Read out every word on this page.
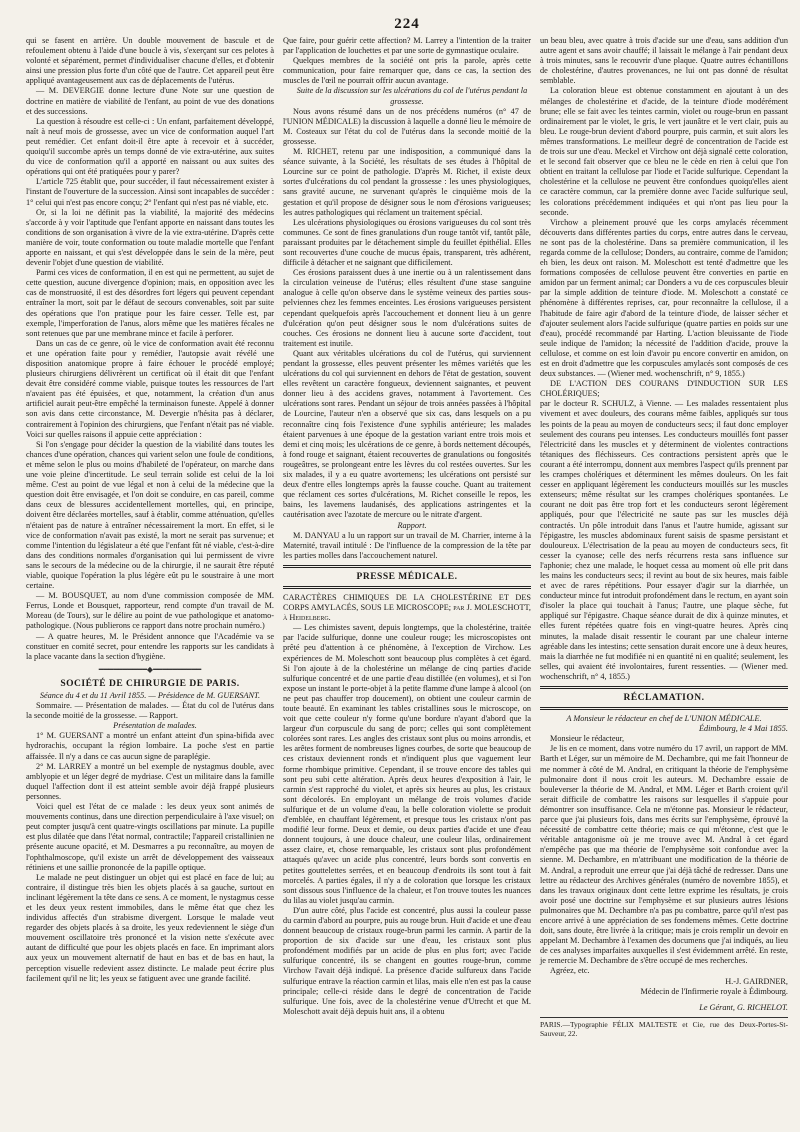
224

qui se fasent en arrière. Un double mouvement de bascule et de refoulement obtenu à l'aide d'une boucle à vis, s'exerçant sur ces pelotes à volonté et séparément, permet d'individualiser chacune d'elles, et d'obtenir ainsi une pression plus forte d'un côté que de l'autre. Cet appareil peut être appliqué avantageusement aux cas de déplacements de l'utérus.

— M. DEVERGIE donne lecture d'une Note sur une question de doctrine en matière de viabilité de l'enfant, au point de vue des donations et des successions.

La question à résoudre est celle-ci : Un enfant, parfaitement développé, naît à neuf mois de grossesse, avec un vice de conformation auquel l'art peut remédier. Cet enfant doit-il être apte à recevoir et à succéder, quoiqu'il succombe après un temps donné de vie extra-utérine, aux suites du vice de conformation qu'il a apporté en naissant ou aux suites des opérations qui ont été pratiquées pour y parer?

L'article 725 établit que, pour succéder, il faut nécessairement exister à l'instant de l'ouverture de la succession. Ainsi sont incapables de succéder : 1° celui qui n'est pas encore conçu; 2° l'enfant qui n'est pas né viable, etc.

Or, si la loi ne définit pas la viabilité, la majorité des médecins s'accorde à y voir l'aptitude que l'enfant apporte en naissant dans toutes les conditions de son organisation à vivre de la vie extra-utérine. D'après cette manière de voir, toute conformation ou toute maladie mortelle que l'enfant apporte en naissant, et qui s'est développée dans le sein de la mère, peut devenir l'objet d'une question de viabilité.

Parmi ces vices de conformation, il en est qui ne permettent, au sujet de cette question, aucune divergence d'opinion; mais, en opposition avec les cas de monstruosité, il est des désordres fort légers qui peuvent cependant entraîner la mort, soit par le défaut de secours convenables, soit par suite des opérations que l'on pratique pour les faire cesser. Telle est, par exemple, l'imperforation de l'anus, alors même que les matières fécales ne sont retenues que par une membrane mince et facile à perforer.

Dans un cas de ce genre, où le vice de conformation avait été reconnu et une opération faite pour y remédier, l'autopsie avait révélé une disposition anatomique propre à faire échouer le procédé employé; plusieurs chirurgiens délivrèrent un certificat où il était dit que l'enfant devait être considéré comme viable, puisque toutes les ressources de l'art n'avaient pas été épuisées, et que, notamment, la création d'un anus artificiel aurait peut-être empêché la terminaison funeste. Appelé à donner son avis dans cette circonstance, M. Devergie n'hésita pas à déclarer, contrairement à l'opinion des chirurgiens, que l'enfant n'était pas né viable. Voici sur quelles raisons il appuie cette appréciation :

Si l'on s'engage pour décider la question de la viabilité dans toutes les chances d'une opération, chances qui varient selon une foule de conditions, et même selon le plus ou moins d'habileté de l'opérateur, on marche dans une voie pleine d'incertitude. Le seul terrain solide est celui de la loi même. C'est au point de vue légal et non à celui de la médecine que la question doit être envisagée, et l'on doit se conduire, en cas pareil, comme dans ceux de blessures accidentellement mortelles, qui, en principe, doivent être déclarées mortelles, sauf à établir, comme atténuation, qu'elles n'étaient pas de nature à entraîner nécessairement la mort. En effet, si le vice de conformation n'avait pas existé, la mort ne serait pas survenue; et comme l'intention du législateur a été que l'enfant fût né viable, c'est-à-dire dans des conditions normales d'organisation qui lui permissent de vivre sans le secours de la médecine ou de la chirurgie, il ne saurait être réputé viable, quoique l'opération la plus légère eût pu le soustraire à une mort certaine.

— M. BOUSQUET, au nom d'une commission composée de MM. Ferrus, Londe et Bousquet, rapporteur, rend compte d'un travail de M. Moreau (de Tours), sur le délire au point de vue pathologique et anatomo-pathologique. (Nous publierons ce rapport dans notre prochain numéro.)

— A quatre heures, M. le Président annonce que l'Académie va se constituer en comité secret, pour entendre les rapports sur les candidats à la place vacante dans la section d'hygiène.

━━━━━━━━━━◆━━━━━━━━━━
SOCIÉTÉ DE CHIRURGIE DE PARIS.

Séance du 4 et du 11 Avril 1855. — Présidence de M. GUERSANT.

Sommaire. — Présentation de malades. — État du col de l'utérus dans la seconde moitié de la grossesse. — Rapport.

Présentation de malades.

1° M. GUERSANT a montré un enfant atteint d'un spina-bifida avec hydrorachis, occupant la région lombaire. La poche s'est en partie affaissée. Il n'y a dans ce cas aucun signe de paraplégie.

2° M. LARREY a montré un bel exemple de nystagmus double, avec amblyopie et un léger degré de mydriase. C'est un militaire dans la famille duquel l'affection dont il est atteint semble avoir déjà frappé plusieurs personnes.

Voici quel est l'état de ce malade : les deux yeux sont animés de mouvements continus, dans une direction perpendiculaire à l'axe visuel; on peut compter jusqu'à cent quatre-vingts oscillations par minute. La pupille est plus dilatée que dans l'état normal, contractile; l'appareil cristallinien ne présente aucune opacité, et M. Desmarres a pu reconnaître, au moyen de l'ophthalmoscope, qu'il existe un arrêt de développement des vaisseaux rétiniens et une saillie prononcée de la papille optique.

Le malade ne peut distinguer un objet qui est placé en face de lui; au contraire, il distingue très bien les objets placés à sa gauche, surtout en inclinant légèrement la tête dans ce sens. A ce moment, le nystagmus cesse et les deux yeux restent immobiles, dans le même état que chez les individus affectés d'un strabisme divergent. Lorsque le malade veut regarder des objets placés à sa droite, les yeux redeviennent le siège d'un mouvement oscillatoire très prononcé et la vision nette s'exécute avec autant de difficulté que pour les objets placés en face. En imprimant alors aux yeux un mouvement alternatif de haut en bas et de bas en haut, la perception visuelle redevient assez distincte. Le malade peut écrire plus facilement qu'il ne lit; les yeux se fatiguent avec une grande facilité.

Que faire, pour guérir cette affection? M. Larrey a l'intention de la traiter par l'application de louchettes et par une sorte de gymnastique oculaire.

Quelques membres de la société ont pris la parole, après cette communication, pour faire remarquer que, dans ce cas, la section des muscles de l'œil ne pourrait offrir aucun avantage.

Suite de la discussion sur les ulcérations du col de l'utérus pendant la grossesse.

Nous avons résumé dans un de nos précédens numéros (n° 47 de l'UNION MÉDICALE) la discussion à laquelle a donné lieu le mémoire de M. Costeaux sur l'état du col de l'utérus dans la seconde moitié de la grossesse.

M. RICHET, retenu par une indisposition, a communiqué dans la séance suivante, à la Société, les résultats de ses études à l'hôpital de Lourcine sur ce point de pathologie. D'après M. Richet, il existe deux sortes d'ulcérations du col pendant la grossesse : les unes physiologiques, sans gravité aucune, ne survenant qu'après le cinquième mois de la gestation et qu'il propose de désigner sous le nom d'érosions varigueuses; les autres pathologiques qui réclament un traitement spécial.

Les ulcérations physiologiques ou érosions varigueuses du col sont très communes. Ce sont de fines granulations d'un rouge tantôt vif, tantôt pâle, paraissant produites par le détachement simple du feuillet épithélial. Elles sont recouvertes d'une couche de mucus épais, transparent, très adhérent, difficile à détacher et ne saignant que difficilement.

Ces érosions paraissent dues à une inertie ou à un ralentissement dans la circulation veineuse de l'utérus; elles résultent d'une stase sanguine analogue à celle qu'on observe dans le système veineux des parties sous-pelviennes chez les femmes enceintes. Les érosions varigueuses persistent cependant quelquefois après l'accouchement et donnent lieu à un genre d'ulcération qu'on peut désigner sous le nom d'ulcérations suites de couches. Ces érosions ne donnent lieu à aucune sorte d'accident, tout traitement est inutile.

Quant aux véritables ulcérations du col de l'utérus, qui surviennent pendant la grossesse, elles peuvent présenter les mêmes variétés que les ulcérations du col qui surviennent en dehors de l'état de gestation, souvent elles revêtent un caractère fongueux, deviennent saignantes, et peuvent donner lieu à des accidens graves, notamment à l'avortement. Ces ulcérations sont rares. Pendant un séjour de trois années passées à l'hôpital de Lourcine, l'auteur n'en a observé que six cas, dans lesquels on a pu reconnaître cinq fois l'existence d'une syphilis antérieure; les malades étaient parvenues à une époque de la gestation variant entre trois mois et demi et cinq mois; les ulcérations de ce genre, à bords nettement découpés, à fond rouge et saignant, étaient recouvertes de granulations ou fongosités rougeâtres, se prolongeant entre les lèvres du col restées ouvertes. Sur les six malades, il y a eu quatre avortemens; les ulcérations ont persisté sur deux d'entre elles longtemps après la fausse couche. Quant au traitement que réclament ces sortes d'ulcérations, M. Richet conseille le repos, les bains, les lavemens laudanisés, des applications astringentes et la cautérisation avec l'azotate de mercure ou le nitrate d'argent.

Rapport.

M. DANYAU a lu un rapport sur un travail de M. Charrier, interne à la Maternité, travail intitulé : De l'influence de la compression de la tête par les parties molles dans l'accouchement naturel.

PRESSE MÉDICALE.

CARACTÈRES CHIMIQUES DE LA CHOLESTÉRINE ET DES CORPS AMYLACÉS, SOUS LE MICROSCOPE; par J. MOLESCHOTT, à Heidelberg.

— Les chimistes savent, depuis longtemps, que la cholestérine, traitée par l'acide sulfurique, donne une couleur rouge; les microscopistes ont prêté peu d'attention à ce phénomène, à l'exception de Virchow. Les expériences de M. Moleschott sont beaucoup plus complètes à cet égard. Si l'on ajoute à de la cholestérine un mélange de cinq parties d'acide sulfurique concentré et de une partie d'eau distillée (en volumes), et si l'on expose un instant le porte-objet à la petite flamme d'une lampe à alcool (on ne peut pas chauffer trop doucement), on obtient une couleur carmin de toute beauté. En examinant les tables cristallines sous le microscope, on voit que cette couleur n'y forme qu'une bordure n'ayant d'abord que la largeur d'un corpuscule du sang de porc; celles qui sont complètement colorées sont rares. Les angles des cristaux sont plus ou moins arrondis, et les arêtes forment de nombreuses lignes courbes, de sorte que beaucoup de ces cristaux deviennent ronds et n'indiquent plus que vaguement leur forme rhombique primitive. Cependant, il se trouve encore des tables qui sont peu subi cette altération. Après deux heures d'exposition à l'air, le carmin s'est rapproché du violet, et après six heures au plus, les cristaux sont décolorés. En employant un mélange de trois volumes d'acide sulfurique et de un volume d'eau, la belle coloration violette se produit d'emblée, en chauffant légèrement, et presque tous les cristaux n'ont pas modifié leur forme. Deux et demie, ou deux parties d'acide et une d'eau donnent toujours, à une douce chaleur, une couleur lilas, ordinairement assez claire, et, chose remarquable, les cristaux sont plus profondément attaqués qu'avec un acide plus concentré, leurs bords sont convertis en petites gouttelettes serrées, et en beaucoup d'endroits ils sont tout à fait morcelés. A parties égales, il n'y a de coloration que lorsque les cristaux sont dissous sous l'influence de la chaleur, et l'on trouve toutes les nuances du lilas au violet jusqu'au carmin.

D'un autre côté, plus l'acide est concentré, plus aussi la couleur passe du carmin d'abord au pourpre, puis au rouge brun. Huit d'acide et une d'eau donnent beaucoup de cristaux rouge-brun parmi les carmin. A partir de la proportion de six d'acide sur une d'eau, les cristaux sont plus profondément modifiés par un acide de plus en plus fort; avec l'acide sulfurique concentré, ils se changent en gouttes rouge-brun, comme Virchow l'avait déjà indiqué. La présence d'acide sulfureux dans l'acide sulfurique entrave la réaction carmin et lilas, mais elle n'en est pas la cause principale; celle-ci réside dans le degré de concentration de l'acide sulfurique. Une fois, avec de la cholestérine venue d'Utrecht et que M. Moleschott avait déjà depuis huit ans, il a obtenu

un beau bleu, avec quatre à trois d'acide sur une d'eau, sans addition d'un autre agent et sans avoir chauffé; il laissait le mélange à l'air pendant deux à trois minutes, sans le recouvrir d'une plaque. Quatre autres échantillons de cholestérine, d'autres provenances, ne lui ont pas donné de résultat semblable.

La coloration bleue est obtenue constamment en ajoutant à un des mélanges de cholestérine et d'acide, de la teinture d'iode modérément brune; elle se fait avec les teintes carmin, violet ou rouge-brun en passant ordinairement par le violet, le gris, le vert jaunâtre et le vert clair, puis au bleu. Le rouge-brun devient d'abord pourpre, puis carmin, et suit alors les mêmes transformations. Le meilleur degré de concentration de l'acide est de trois sur une d'eau. Meckel et Virchow ont déjà signalé cette coloration, et le second fait observer que ce bleu ne le cède en rien à celui que l'on obtient en traitant la cellulose par l'iode et l'acide sulfurique. Cependant la cholestérine et la cellulose ne peuvent être confondues quoiqu'elles aient ce caractère commun, car la première donne avec l'acide sulfurique seul, les colorations précédemment indiquées et qui n'ont pas lieu pour la seconde.

Virchow a pleinement prouvé que les corps amylacés récemment découverts dans différentes parties du corps, entre autres dans le cerveau, ne sont pas de la cholestérine. Dans sa première communication, il les regarda comme de la cellulose; Donders, au contraire, comme de l'amidon; eh bien, les deux ont raison. M. Moleschott est tenté d'admettre que les formations composées de cellulose peuvent être converties en partie en amidon par un ferment animal; car Donders a vu de ces corpuscules bleuir par la simple addition de teinture d'iode. M. Moleschott a constaté ce phénomène à différentes reprises, car, pour reconnaître la cellulose, il a l'habitude de faire agir d'abord de la teinture d'iode, de laisser sécher et d'ajouter seulement alors l'acide sulfurique (quatre parties en poids sur une d'eau), procédé recommandé par Harting. L'action bleuissante de l'iode seule indique de l'amidon; la nécessité de l'addition d'acide, prouve la cellulose, et comme on est loin d'avoir pu encore convertir en amidon, on est en droit d'admettre que les corpuscules amylacés sont composés de ces deux substances. — (Wiener med. wochenschrift, n° 9, 1855.)

DE L'ACTION DES COURANS D'INDUCTION SUR LES CHOLÉRIQUES;

par le docteur R. SCHULZ, à Vienne. — Les malades ressentaient plus vivement et avec douleurs, des courans même faibles, appliqués sur tous les points de la peau au moyen de conducteurs secs; il faut donc employer seulement des courans peu intenses. Les conducteurs mouillés font passer l'électricité dans les muscles et y déterminent de violentes contractions tétaniques des fléchisseurs. Ces contractions persistent après que le courant a été interrompu, donnent aux membres l'aspect qu'ils prennent par les crampes cholériques et déterminent les mêmes douleurs. On les fait cesser en appliquant légèrement les conducteurs mouillés sur les muscles extenseurs; même résultat sur les crampes cholériques spontanées. Le courant ne doit pas être trop fort et les conducteurs seront légèrement appliqués, pour que l'électricité ne saute pas sur les muscles déjà contractés. Un pôle introduit dans l'anus et l'autre humide, agissant sur l'épigastre, les muscles abdominaux furent saisis de spasme persistant et douloureux. L'électrisation de la peau au moyen de conducteurs secs, fit cesser la cyanose; celle des nerfs récurrens resta sans influence sur l'aphonie; chez une malade, le hoquet cessa au moment où elle prit dans les mains les conducteurs secs; il revint au bout de six heures, mais faible et avec de rares répétitions. Pour essayer d'agir sur la diarrhée, un conducteur mince fut introduit profondément dans le rectum, en ayant soin d'isoler la place qui touchait à l'anus; l'autre, une plaque sèche, fut appliqué sur l'épigastre. Chaque séance durait de dix à quinze minutes, et elles furent répétées quatre fois en vingt-quatre heures. Après cinq minutes, la malade disait ressentir le courant par une chaleur interne agréable dans les intestins; cette sensation durait encore une à deux heures, mais la diarrhée ne fut modifiée ni en quantité ni en qualité; seulement, les selles, qui avaient été involontaires, furent ressenties. — (Wiener med. wochenschrift, n° 4, 1855.)

RÉCLAMATION.

A Monsieur le rédacteur en chef de L'UNION MÉDICALE.

Édimbourg, le 4 Mai 1855.

Monsieur le rédacteur,

Je lis en ce moment, dans votre numéro du 17 avril, un rapport de MM. Barth et Léger, sur un mémoire de M. Dechambre, qui me fait l'honneur de me nommer à côté de M. Andral, en critiquant la théorie de l'emphysème pulmonaire dont il nous croit les auteurs. M. Dechambre essaie de bouleverser la théorie de M. Andral, et MM. Léger et Barth croient qu'il serait difficile de combattre les raisons sur lesquelles il s'appuie pour démontrer son insuffisance. Cela ne m'étonne pas. Monsieur le rédacteur, parce que j'ai plusieurs fois, dans mes écrits sur l'emphysème, éprouvé la nécessité de combattre cette théorie; mais ce qui m'étonne, c'est que le véritable antagonisme où je me trouve avec M. Andral à cet égard n'empêche pas que ma théorie de l'emphysème soit confondue avec la sienne. M. Dechambre, en m'attribuant une modification de la théorie de M. Andral, a reproduit une erreur que j'ai déjà tâché de redresser. Dans une lettre au rédacteur des Archives générales (numéro de novembre 1855), et dans les travaux originaux dont cette lettre exprime les résultats, je crois avoir posé une doctrine sur l'emphysème et sur plusieurs autres lésions pulmonaires que M. Dechambre n'a pas pu combattre, parce qu'il n'est pas encore arrivé à une appréciation de ses fondemens mêmes. Cette doctrine doit, sans doute, être livrée à la critique; mais je crois remplir un devoir en appelant M. Dechambre à l'examen des documens que j'ai indiqués, au lieu de ces analyses imparfaites auxquelles il s'est évidemment arrêté. En reste, je remercie M. Dechambre de s'être occupé de mes recherches.

Agréez, etc.

H.-J. GAIRDNER,

Médecin de l'Infirmerie royale à Édimbourg.

Le Gérant, G. RICHELOT.
PARIS.—Typographie FÉLIX MALTESTE et Cie, rue des Deux-Portes-St-Sauveur, 22.
